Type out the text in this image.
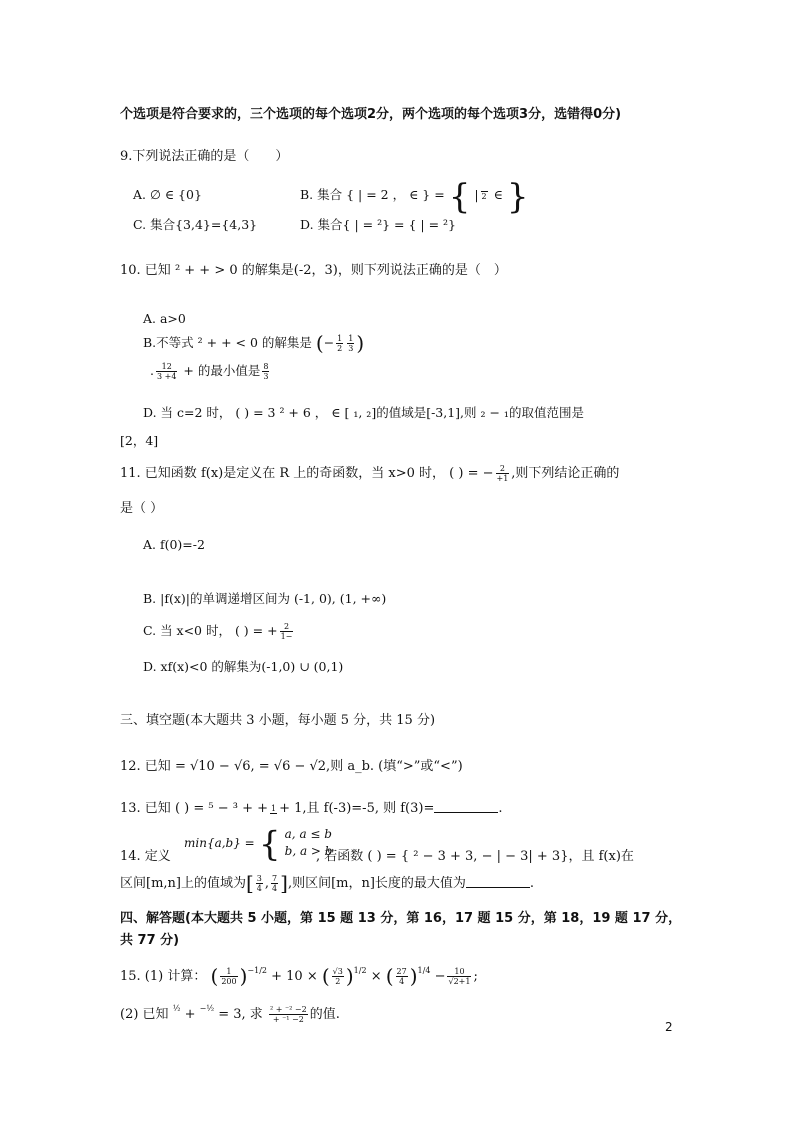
个选项是符合要求的，三个选项的每个选项2分，两个选项的每个选项3分，选错得0分)
9.下列说法正确的是（　　）
A. ∅ ∈ {0}	B. 集合 { | = 2 ， ∈ } = { | 2 ∈ }
C. 集合{3,4}={4,3}	D. 集合{ | = ²} = { | = ²}
10. 已知 ² + + > 0 的解集是(-2，3)，则下列说法正确的是（　）
A. a>0
B.不等式 ² + + < 0 的解集是 (− $\frac{1}{2} \frac{1}{3}$ )
. $\frac{12}{3 +4}$ + 的最小值是 $\frac{8}{3}$
D. 当 c=2 时， ( ) = 3 ² + 6 ， ∈ [ ₁, ₂]的值域是[-3,1],则 ₂ − ₁的取值范围是
[2，4]
11. 已知函数 f(x)是定义在 R 上的奇函数，当 x>0 时， ( ) = − $\frac{2}{+1}$ ,则下列结论正确的
是（ ）
A. f(0)=-2
B. |f(x)|的单调递增区间为 (-1, 0), (1, +∞)
C. 当 x<0 时， ( ) = + $\frac{2}{1-}$
D. xf(x)<0 的解集为(-1,0) ∪ (0,1)
三、填空题(本大题共 3 小题，每小题 5 分，共 15 分)
12. 已知 = √10 − √6, = √6 − √2,则 a_b. (填“>”或“<”)
13. 已知 ( ) = ⁵ − ³ + + 1 + 1,且 f(-3)=-5, 则 f(3)=	.
14. 定义
min{a,b} = { a, a ≤ b
b, a > b
, 若函数 ( ) = { ² − 3 + 3, − | − 3| + 3}，且 f(x)在
区间[m,n]上的值域为[ $\frac{3}{4}$ , $\frac{7}{4}$ ],则区间[m，n]长度的最大值为	.
四、解答题(本大题共 5 小题，第 15 题 13 分，第 16，17 题 15 分，第 18，19 题 17 分，
共 77 分)
15. (1) 计算： ( $\frac{1}{200} )^{-1/2} + 10$ × ( $\frac{√3}{2} )^{1/2}$ × ( $\frac{27}{4} )^{1/4} - \frac{10}{√2+1}$ ;
(2) 已知 $^{\frac{1}{2}}$ + $^{-\frac{1}{2}}$ = 3, 求 $\frac{\text{² + ⁻² −2}}{\text{+ ⁻¹ −2}}$ 的值.
2
